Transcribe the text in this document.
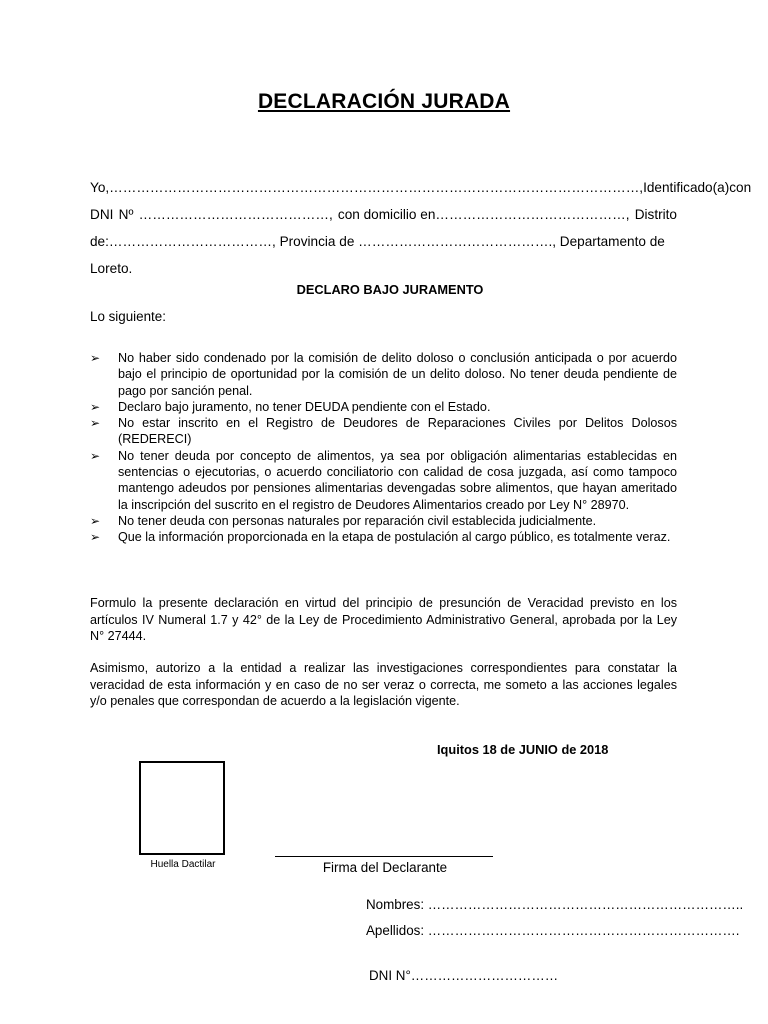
DECLARACIÓN JURADA
Yo,………………………………………………………………………………………………………, Identificado (a) con
DNI Nº ……………………………………, con domicilio en……………………………………, Distrito
de:………………………………, Provincia de ……………………………………., Departamento de Loreto.
DECLARO BAJO JURAMENTO
Lo siguiente:
➢	No haber sido condenado por la comisión de delito doloso o conclusión anticipada o por acuerdo bajo el principio de oportunidad por la comisión de un delito doloso. No tener deuda pendiente de pago por sanción penal.
➢	Declaro bajo juramento, no tener DEUDA pendiente con el Estado.
➢	No estar inscrito en el Registro de Deudores de Reparaciones Civiles por Delitos Dolosos (REDERECI)
➢	No tener deuda por concepto de alimentos, ya sea por obligación alimentarias establecidas en sentencias o ejecutorias, o acuerdo conciliatorio con calidad de cosa juzgada, así como tampoco mantengo adeudos por pensiones alimentarias devengadas sobre alimentos, que hayan ameritado la inscripción del suscrito en el registro de Deudores Alimentarios creado por Ley N° 28970.
➢	No tener deuda con personas naturales por reparación civil establecida judicialmente.
➢	Que la información proporcionada en la etapa de postulación al cargo público, es totalmente veraz.
Formulo la presente declaración en virtud del principio de presunción de Veracidad previsto en los artículos IV Numeral 1.7 y 42° de la Ley de Procedimiento Administrativo General, aprobada por la Ley N° 27444.
Asimismo, autorizo a la entidad a realizar las investigaciones correspondientes para constatar la veracidad de esta información y en caso de no ser veraz o correcta, me someto a las acciones legales y/o penales que correspondan de acuerdo a la legislación vigente.
Iquitos 18 de JUNIO de 2018
Huella Dactilar	Firma del Declarante
Nombres: ……………………………………………………………..
Apellidos: …………………………………………………………….
DNI N°……………………………
